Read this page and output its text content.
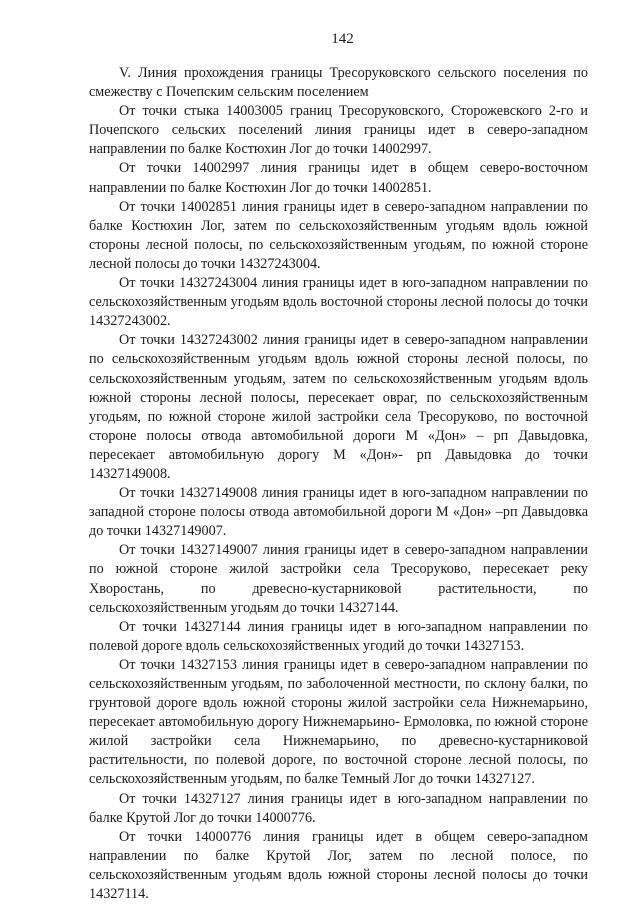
142

V. Линия прохождения границы Тресоруковского сельского поселения по смежеству с Почепским сельским поселением

От точки стыка 14003005 границ Тресоруковского, Сторожевского 2-го и Почепского сельских поселений линия границы идет в северо-западном направлении по балке Костюхин Лог до точки 14002997.

От точки 14002997 линия границы идет в общем северо-восточном направлении по балке Костюхин Лог до точки 14002851.

От точки 14002851 линия границы идет в северо-западном направлении по балке Костюхин Лог, затем по сельскохозяйственным угодьям вдоль южной стороны лесной полосы, по сельскохозяйственным угодьям, по южной стороне лесной полосы до точки 14327243004.

От точки 14327243004 линия границы идет в юго-западном направлении по сельскохозяйственным угодьям вдоль восточной стороны лесной полосы до точки 14327243002.

От точки 14327243002 линия границы идет в северо-западном направлении по сельскохозяйственным угодьям вдоль южной стороны лесной полосы, по сельскохозяйственным угодьям, затем по сельскохозяйственным угодьям вдоль южной стороны лесной полосы, пересекает овраг, по сельскохозяйственным угодьям, по южной стороне жилой застройки села Тресоруково, по восточной стороне полосы отвода автомобильной дороги М «Дон» – рп Давыдовка, пересекает автомобильную дорогу М «Дон»- рп Давыдовка до точки 14327149008.

От точки 14327149008 линия границы идет в юго-западном направлении по западной стороне полосы отвода автомобильной дороги М «Дон» –рп Давыдовка до точки 14327149007.

От точки 14327149007 линия границы идет в северо-западном направлении по южной стороне жилой застройки села Тресоруково, пересекает реку Хворостань, по древесно-кустарниковой растительности, по сельскохозяйственным угодьям до точки 14327144.

От точки 14327144 линия границы идет в юго-западном направлении по полевой дороге вдоль сельскохозяйственных угодий до точки 14327153.

От точки 14327153 линия границы идет в северо-западном направлении по сельскохозяйственным угодьям, по заболоченной местности, по склону балки, по грунтовой дороге вдоль южной стороны жилой застройки села Нижнемарьино, пересекает автомобильную дорогу Нижнемарьино- Ермоловка, по южной стороне жилой застройки села Нижнемарьино, по древесно-кустарниковой растительности, по полевой дороге, по восточной стороне лесной полосы, по сельскохозяйственным угодьям, по балке Темный Лог до точки 14327127.

От точки 14327127 линия границы идет в юго-западном направлении по балке Крутой Лог до точки 14000776.

От точки 14000776 линия границы идет в общем северо-западном направлении по балке Крутой Лог, затем по лесной полосе, по сельскохозяйственным угодьям вдоль южной стороны лесной полосы до точки 14327114.
